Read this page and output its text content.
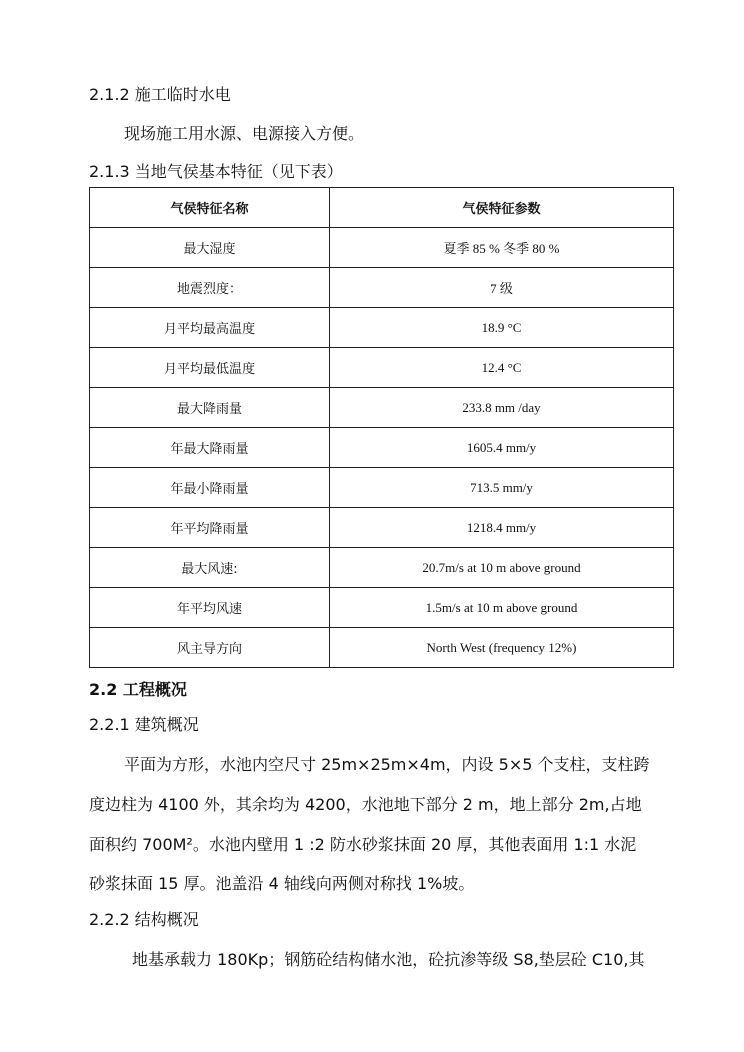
2.1.2 施工临时水电
现场施工用水源、电源接入方便。
2.1.3 当地气侯基本特征（见下表）
气侯特征名称	气侯特征参数
最大湿度	夏季 85 % 冬季 80 %
地震烈度：	7 级
月平均最高温度	18.9 °C
月平均最低温度	12.4 °C
最大降雨量	233.8 mm /day
年最大降雨量	1605.4 mm/y
年最小降雨量	713.5 mm/y
年平均降雨量	1218.4 mm/y
最大风速:	20.7m/s at 10 m above ground
年平均风速	1.5m/s at 10 m above ground
风主导方向	North West (frequency 12%)
2.2 工程概况
2.2.1 建筑概况
平面为方形，水池内空尺寸 25m×25m×4m，内设 5×5 个支柱，支柱跨
度边柱为 4100 外，其余均为 4200，水池地下部分 2 m，地上部分 2m,占地
面积约 700M²。水池内壁用 1 :2 防水砂浆抹面 20 厚，其他表面用 1:1 水泥
砂浆抹面 15 厚。池盖沿 4 轴线向两侧对称找 1%坡。
2.2.2 结构概况
地基承载力 180Kp；钢筋砼结构储水池，砼抗渗等级 S8,垫层砼 C10,其
